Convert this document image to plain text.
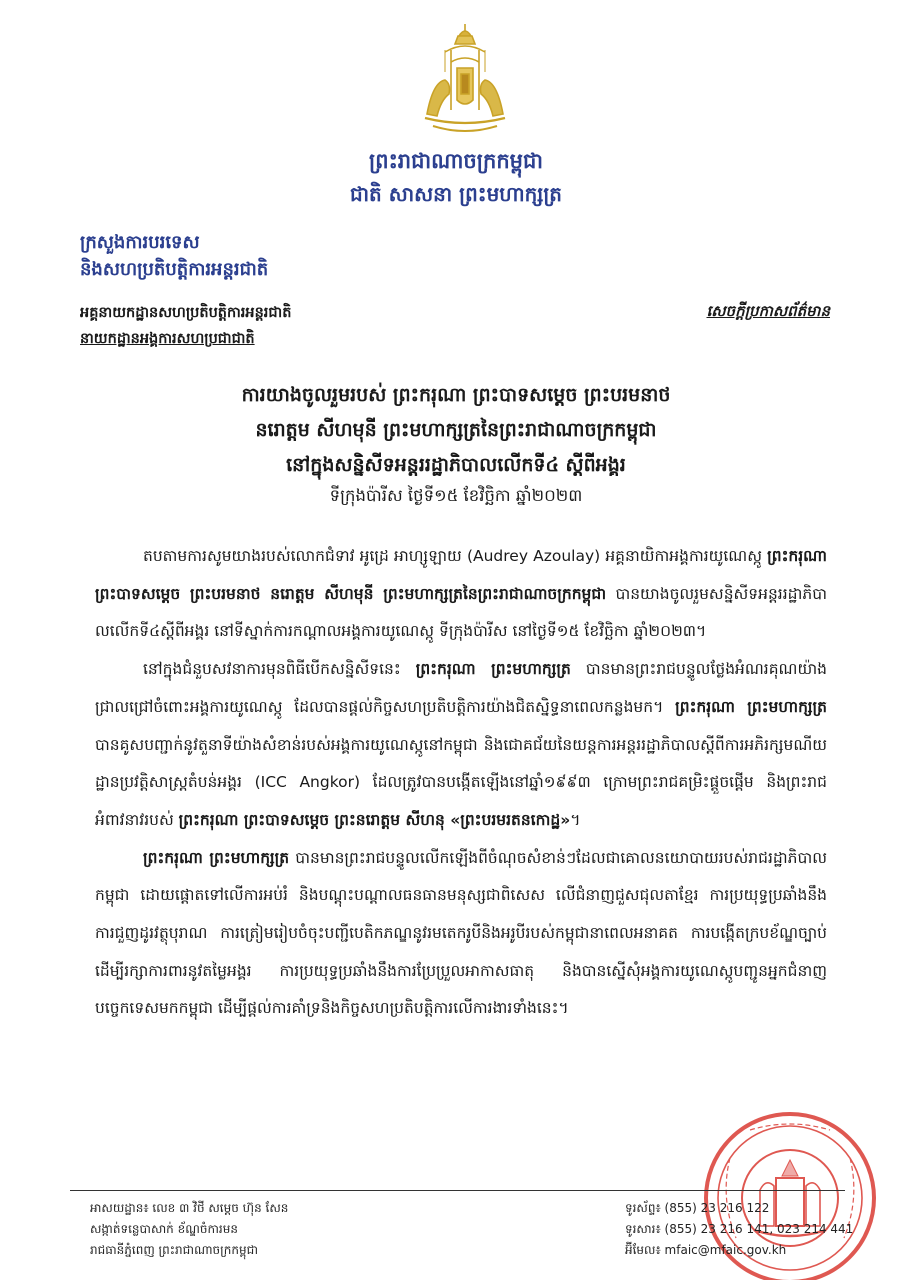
ព្រះរាជាណាចក្រកម្ពុជា
ជាតិ សាសនា ព្រះមហាក្សត្រ
ក្រសួងការបរទេស
និងសហប្រតិបត្តិការអន្តរជាតិ
អគ្គនាយកដ្ឋានសហប្រតិបត្តិការអន្តរជាតិ
នាយកដ្ឋានអង្គការសហប្រជាជាតិ
សេចក្តីប្រកាសព័ត៌មាន
ការយាងចូលរួមរបស់ ព្រះករុណា ព្រះបាទសម្តេច ព្រះបរមនាថ
នរោត្តម សីហមុនី ព្រះមហាក្សត្រនៃព្រះរាជាណាចក្រកម្ពុជា
នៅក្នុងសន្និសីទអន្តររដ្ឋាភិបាលលើកទី៤ ស្តីពីអង្គរ
ទីក្រុងប៉ារីស ថ្ងៃទី១៥ ខែវិច្ឆិកា ឆ្នាំ២០២៣

តបតាមការសូមយាងរបស់លោកជំទាវ អូដ្រេ អាហ្សូឡាយ (Audrey Azoulay) អគ្គនាយិកាអង្គការយូណេស្កូ ព្រះករុណា ព្រះបាទសម្តេច ព្រះបរមនាថ នរោត្តម សីហមុនី ព្រះមហាក្សត្រនៃព្រះរាជាណាចក្រកម្ពុជា បានយាងចូលរួមសន្និសីទអន្តររដ្ឋាភិបាលលើកទី៤ស្តីពីអង្គរ នៅទីស្នាក់ការកណ្តាលអង្គការយូណេស្កូ ទីក្រុងប៉ារីស នៅថ្ងៃទី១៥ ខែវិច្ឆិកា ឆ្នាំ២០២៣។

នៅក្នុងជំនួបសវនាការមុនពិធីបើកសន្និសីទនេះ ព្រះករុណា ព្រះមហាក្សត្រ បានមានព្រះរាជបន្ទូលថ្លែងអំណរគុណយ៉ាងជ្រាលជ្រៅចំពោះអង្គការយូណេស្កូ ដែលបានផ្តល់កិច្ចសហប្រតិបត្តិការយ៉ាងជិតស្និទ្ធនាពេលកន្លងមក។ ព្រះករុណា ព្រះមហាក្សត្រ បានគូសបញ្ជាក់នូវតួនាទីយ៉ាងសំខាន់របស់អង្គការយូណេស្កូនៅកម្ពុជា និងជោគជ័យនៃយន្តការអន្តររដ្ឋាភិបាលស្តីពីការអភិរក្សមណីយដ្ឋានប្រវត្តិសាស្ត្រតំបន់អង្គរ (ICC Angkor) ដែលត្រូវបានបង្កើតឡើងនៅឆ្នាំ១៩៩៣ ក្រោមព្រះរាជគម្រិះផ្តួចផ្តើម និងព្រះរាជអំពាវនាវរបស់ ព្រះករុណា ព្រះបាទសម្តេច ព្រះនរោត្តម សីហនុ «ព្រះបរមរតនកោដ្ឋ»។

ព្រះករុណា ព្រះមហាក្សត្រ បានមានព្រះរាជបន្ទូលលើកឡើងពីចំណុចសំខាន់ៗដែលជាគោលនយោបាយរបស់រាជរដ្ឋាភិបាលកម្ពុជា ដោយផ្តោតទៅលើការអប់រំ និងបណ្តុះបណ្តាលធនធានមនុស្សជាពិសេស លើជំនាញជួសជុលតាខ្មែរ ការប្រយុទ្ធប្រឆាំងនឹងការជួញដូរវត្ថុបុរាណ ការត្រៀមរៀបចំចុះបញ្ជីបេតិកភណ្ឌនូវរមតេករូបីនិងអរូបីរបស់កម្ពុជានាពេលអនាគត ការបង្កើតក្របខ័ណ្ឌច្បាប់ដើម្បីរក្សាការពារនូវតម្លៃអង្គរ ការប្រយុទ្ធប្រឆាំងនឹងការប្រែប្រួលអាកាសធាតុ និងបានស្នើសុំអង្គការយូណេស្កូបញ្ជូនអ្នកជំនាញបច្ចេកទេសមកកម្ពុជា ដើម្បីផ្តល់ការគាំទ្រនិងកិច្ចសហប្រតិបត្តិការលើការងារទាំងនេះ។

អាសយដ្ឋាន៖ លេខ ៣ វិថី សម្តេច ហ៊ុន សែន
សង្កាត់ទន្លេបាសាក់ ខ័ណ្ឌចំការមន
រាជធានីភ្នំពេញ ព្រះរាជាណាចក្រកម្ពុជា
ទូរស័ព្ទ៖ (855) 23 216 122
ទូរសារ៖ (855) 23 216 141, 023 214 441
អ៊ីមែល៖ mfaic@mfaic.gov.kh
